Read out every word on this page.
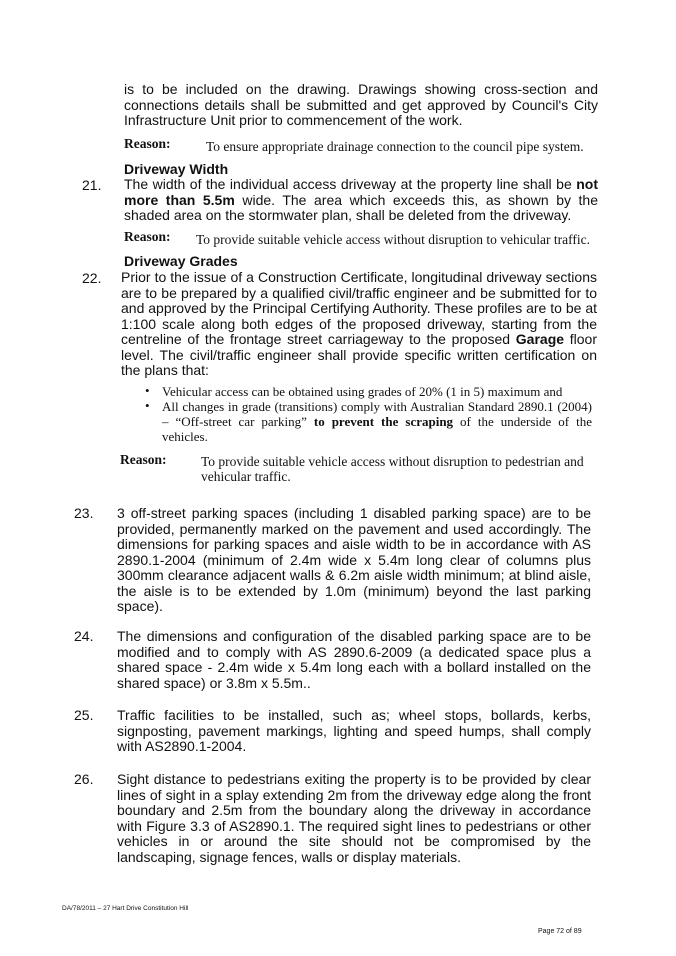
is to be included on the drawing. Drawings showing cross-section and connections details shall be submitted and get approved by Council's City Infrastructure Unit prior to commencement of the work.
Reason:	To ensure appropriate drainage connection to the council pipe system.
Driveway Width
21. The width of the individual access driveway at the property line shall be not more than 5.5m wide. The area which exceeds this, as shown by the shaded area on the stormwater plan, shall be deleted from the driveway.
Reason: To provide suitable vehicle access without disruption to vehicular traffic.
Driveway Grades
22. Prior to the issue of a Construction Certificate, longitudinal driveway sections are to be prepared by a qualified civil/traffic engineer and be submitted for to and approved by the Principal Certifying Authority. These profiles are to be at 1:100 scale along both edges of the proposed driveway, starting from the centreline of the frontage street carriageway to the proposed Garage floor level. The civil/traffic engineer shall provide specific written certification on the plans that:
• Vehicular access can be obtained using grades of 20% (1 in 5) maximum and
• All changes in grade (transitions) comply with Australian Standard 2890.1 (2004) – “Off-street car parking” to prevent the scraping of the underside of the vehicles.
Reason:	To provide suitable vehicle access without disruption to pedestrian and vehicular traffic.
23. 3 off-street parking spaces (including 1 disabled parking space) are to be provided, permanently marked on the pavement and used accordingly. The dimensions for parking spaces and aisle width to be in accordance with AS 2890.1-2004 (minimum of 2.4m wide x 5.4m long clear of columns plus 300mm clearance adjacent walls & 6.2m aisle width minimum; at blind aisle, the aisle is to be extended by 1.0m (minimum) beyond the last parking space).
24. The dimensions and configuration of the disabled parking space are to be modified and to comply with AS 2890.6-2009 (a dedicated space plus a shared space - 2.4m wide x 5.4m long each with a bollard installed on the shared space) or 3.8m x 5.5m..
25. Traffic facilities to be installed, such as; wheel stops, bollards, kerbs, signposting, pavement markings, lighting and speed humps, shall comply with AS2890.1-2004.
26. Sight distance to pedestrians exiting the property is to be provided by clear lines of sight in a splay extending 2m from the driveway edge along the front boundary and 2.5m from the boundary along the driveway in accordance with Figure 3.3 of AS2890.1. The required sight lines to pedestrians or other vehicles in or around the site should not be compromised by the landscaping, signage fences, walls or display materials.
DA/78/2011 – 27 Hart Drive Constitution Hill
Page 72 of 89
